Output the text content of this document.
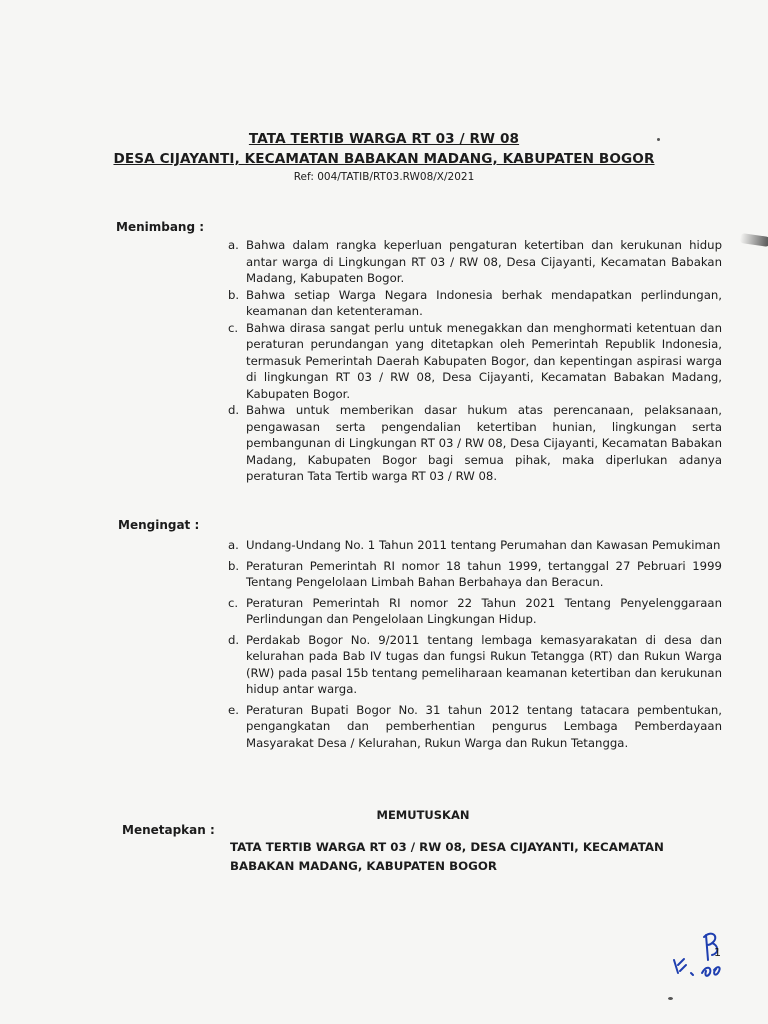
TATA TERTIB WARGA RT 03 / RW 08
DESA CIJAYANTI, KECAMATAN BABAKAN MADANG, KABUPATEN BOGOR
Ref: 004/TATIB/RT03.RW08/X/2021
Menimbang :
a. Bahwa dalam rangka keperluan pengaturan ketertiban dan kerukunan hidup antar warga di Lingkungan RT 03 / RW 08, Desa Cijayanti, Kecamatan Babakan Madang, Kabupaten Bogor.
b. Bahwa setiap Warga Negara Indonesia berhak mendapatkan perlindungan, keamanan dan ketenteraman.
c. Bahwa dirasa sangat perlu untuk menegakkan dan menghormati ketentuan dan peraturan perundangan yang ditetapkan oleh Pemerintah Republik Indonesia, termasuk Pemerintah Daerah Kabupaten Bogor, dan kepentingan aspirasi warga di lingkungan RT 03 / RW 08, Desa Cijayanti, Kecamatan Babakan Madang, Kabupaten Bogor.
d. Bahwa untuk memberikan dasar hukum atas perencanaan, pelaksanaan, pengawasan serta pengendalian ketertiban hunian, lingkungan serta pembangunan di Lingkungan RT 03 / RW 08, Desa Cijayanti, Kecamatan Babakan Madang, Kabupaten Bogor bagi semua pihak, maka diperlukan adanya peraturan Tata Tertib warga RT 03 / RW 08.
Mengingat :
a. Undang-Undang No. 1 Tahun 2011 tentang Perumahan dan Kawasan Pemukiman
b. Peraturan Pemerintah RI nomor 18 tahun 1999, tertanggal 27 Pebruari 1999 Tentang Pengelolaan Limbah Bahan Berbahaya dan Beracun.
c. Peraturan Pemerintah RI nomor 22 Tahun 2021 Tentang Penyelenggaraan Perlindungan dan Pengelolaan Lingkungan Hidup.
d. Perdakab Bogor No. 9/2011 tentang lembaga kemasyarakatan di desa dan kelurahan pada Bab IV tugas dan fungsi Rukun Tetangga (RT) dan Rukun Warga (RW) pada pasal 15b tentang pemeliharaan keamanan ketertiban dan kerukunan hidup antar warga.
e. Peraturan Bupati Bogor No. 31 tahun 2012 tentang tatacara pembentukan, pengangkatan dan pemberhentian pengurus Lembaga Pemberdayaan Masyarakat Desa / Kelurahan, Rukun Warga dan Rukun Tetangga.
MEMUTUSKAN
Menetapkan :
TATA TERTIB WARGA RT 03 / RW 08, DESA CIJAYANTI, KECAMATAN BABAKAN MADANG, KABUPATEN BOGOR
1
